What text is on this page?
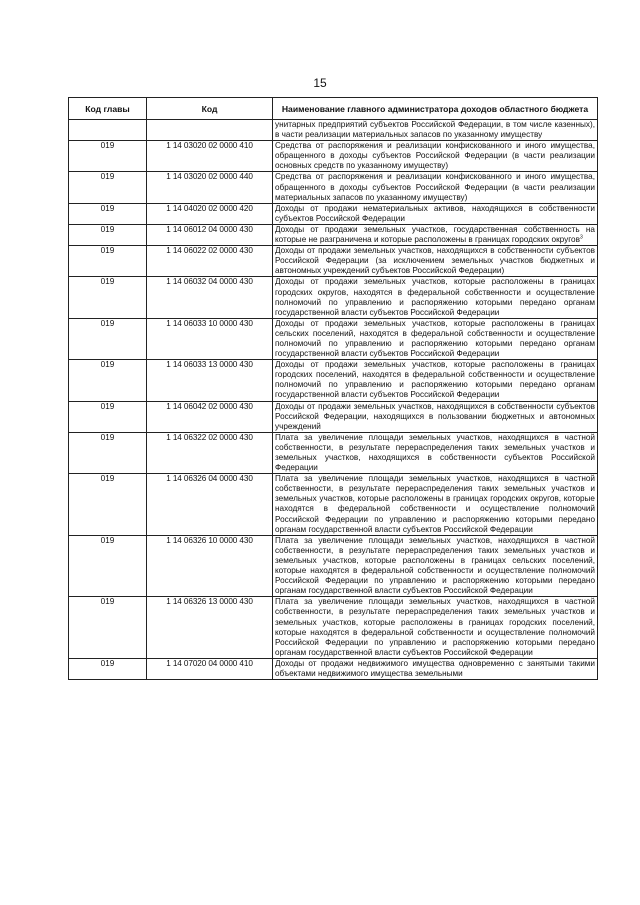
15
Код главы	Код	Наименование главного администратора доходов областного бюджета
		унитарных предприятий субъектов Российской Федерации, в том числе казенных), в части реализации материальных запасов по указанному имуществу
019	1 14 03020 02 0000 410	Средства от распоряжения и реализации конфискованного и иного имущества, обращенного в доходы субъектов Российской Федерации (в части реализации основных средств по указанному имуществу)
019	1 14 03020 02 0000 440	Средства от распоряжения и реализации конфискованного и иного имущества, обращенного в доходы субъектов Российской Федерации (в части реализации материальных запасов по указанному имуществу)
019	1 14 04020 02 0000 420	Доходы от продажи нематериальных активов, находящихся в собственности субъектов Российской Федерации
019	1 14 06012 04 0000 430	Доходы от продажи земельных участков, государственная собственность на которые не разграничена и которые расположены в границах городских округов$^3$
019	1 14 06022 02 0000 430	Доходы от продажи земельных участков, находящихся в собственности субъектов Российской Федерации (за исключением земельных участков бюджетных и автономных учреждений субъектов Российской Федерации)
019	1 14 06032 04 0000 430	Доходы от продажи земельных участков, которые расположены в границах городских округов, находятся в федеральной собственности и осуществление полномочий по управлению и распоряжению которыми передано органам государственной власти субъектов Российской Федерации
019	1 14 06033 10 0000 430	Доходы от продажи земельных участков, которые расположены в границах сельских поселений, находятся в федеральной собственности и осуществление полномочий по управлению и распоряжению которыми передано органам государственной власти субъектов Российской Федерации
019	1 14 06033 13 0000 430	Доходы от продажи земельных участков, которые расположены в границах городских поселений, находятся в федеральной собственности и осуществление полномочий по управлению и распоряжению которыми передано органам государственной власти субъектов Российской Федерации
019	1 14 06042 02 0000 430	Доходы от продажи земельных участков, находящихся в собственности субъектов Российской Федерации, находящихся в пользовании бюджетных и автономных учреждений
019	1 14 06322 02 0000 430	Плата за увеличение площади земельных участков, находящихся в частной собственности, в результате перераспределения таких земельных участков и земельных участков, находящихся в собственности субъектов Российской Федерации
019	1 14 06326 04 0000 430	Плата за увеличение площади земельных участков, находящихся в частной собственности, в результате перераспределения таких земельных участков и земельных участков, которые расположены в границах городских округов, которые находятся в федеральной собственности и осуществление полномочий Российской Федерации по управлению и распоряжению которыми передано органам государственной власти субъектов Российской Федерации
019	1 14 06326 10 0000 430	Плата за увеличение площади земельных участков, находящихся в частной собственности, в результате перераспределения таких земельных участков и земельных участков, которые расположены в границах сельских поселений, которые находятся в федеральной собственности и осуществление полномочий Российской Федерации по управлению и распоряжению которыми передано органам государственной власти субъектов Российской Федерации
019	1 14 06326 13 0000 430	Плата за увеличение площади земельных участков, находящихся в частной собственности, в результате перераспределения таких земельных участков и земельных участков, которые расположены в границах городских поселений, которые находятся в федеральной собственности и осуществление полномочий Российской Федерации по управлению и распоряжению которыми передано органам государственной власти субъектов Российской Федерации
019	1 14 07020 04 0000 410	Доходы от продажи недвижимого имущества одновременно с занятыми такими объектами недвижимого имущества земельными
